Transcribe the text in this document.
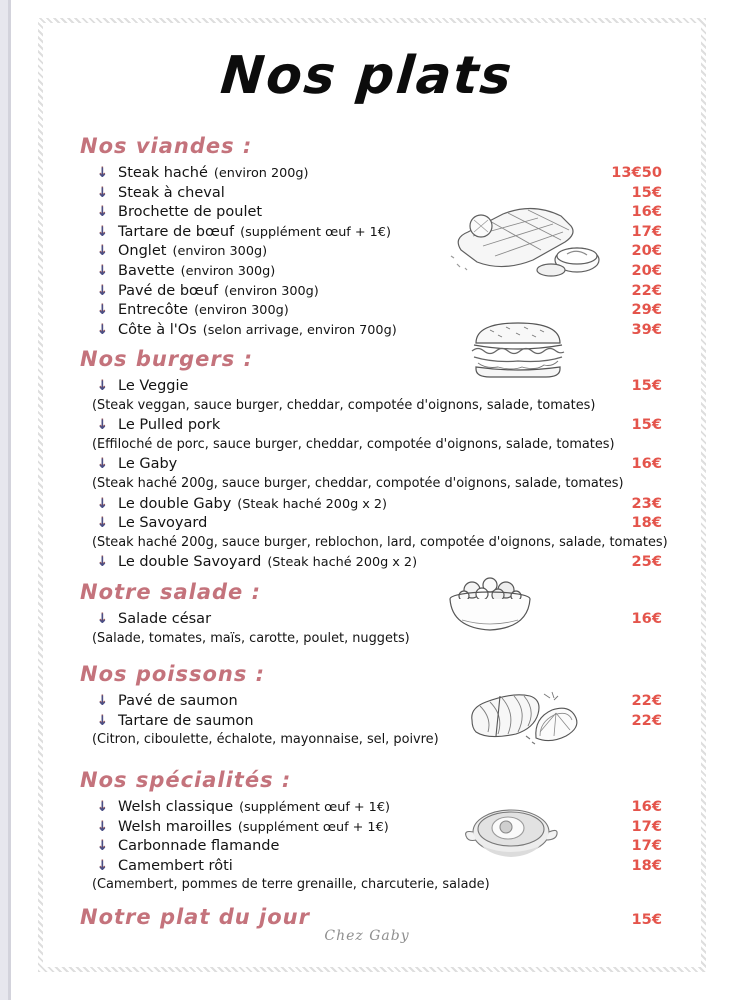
Nos plats
Nos viandes :
↓ Steak haché (environ 200g)	13€50
↓ Steak à cheval	15€
↓ Brochette de poulet	16€
↓ Tartare de bœuf (supplément œuf + 1€)	17€
↓ Onglet (environ 300g)	20€
↓ Bavette (environ 300g)	20€
↓ Pavé de bœuf (environ 300g)	22€
↓ Entrecôte (environ 300g)	29€
↓ Côte à l'Os (selon arrivage, environ 700g)	39€
Nos burgers :
↓ Le Veggie	15€
(Steak veggan, sauce burger, cheddar, compotée d'oignons, salade, tomates)
↓ Le Pulled pork	15€
(Effiloché de porc, sauce burger, cheddar, compotée d'oignons, salade, tomates)
↓ Le Gaby	16€
(Steak haché 200g, sauce burger, cheddar, compotée d'oignons, salade, tomates)
↓ Le double Gaby (Steak haché 200g x 2)	23€
↓ Le Savoyard	18€
(Steak haché 200g, sauce burger, reblochon, lard, compotée d'oignons, salade, tomates)
↓ Le double Savoyard (Steak haché 200g x 2)	25€
Notre salade :
↓ Salade césar	16€
(Salade, tomates, maïs, carotte, poulet, nuggets)
Nos poissons :
↓ Pavé de saumon	22€
↓ Tartare de saumon	22€
(Citron, ciboulette, échalote, mayonnaise, sel, poivre)
Nos spécialités :
↓ Welsh classique (supplément œuf + 1€)	16€
↓ Welsh maroilles (supplément œuf + 1€)	17€
↓ Carbonnade flamande	17€
↓ Camembert rôti	18€
(Camembert, pommes de terre grenaille, charcuterie, salade)
Notre plat du jour	15€
Chez Gaby
